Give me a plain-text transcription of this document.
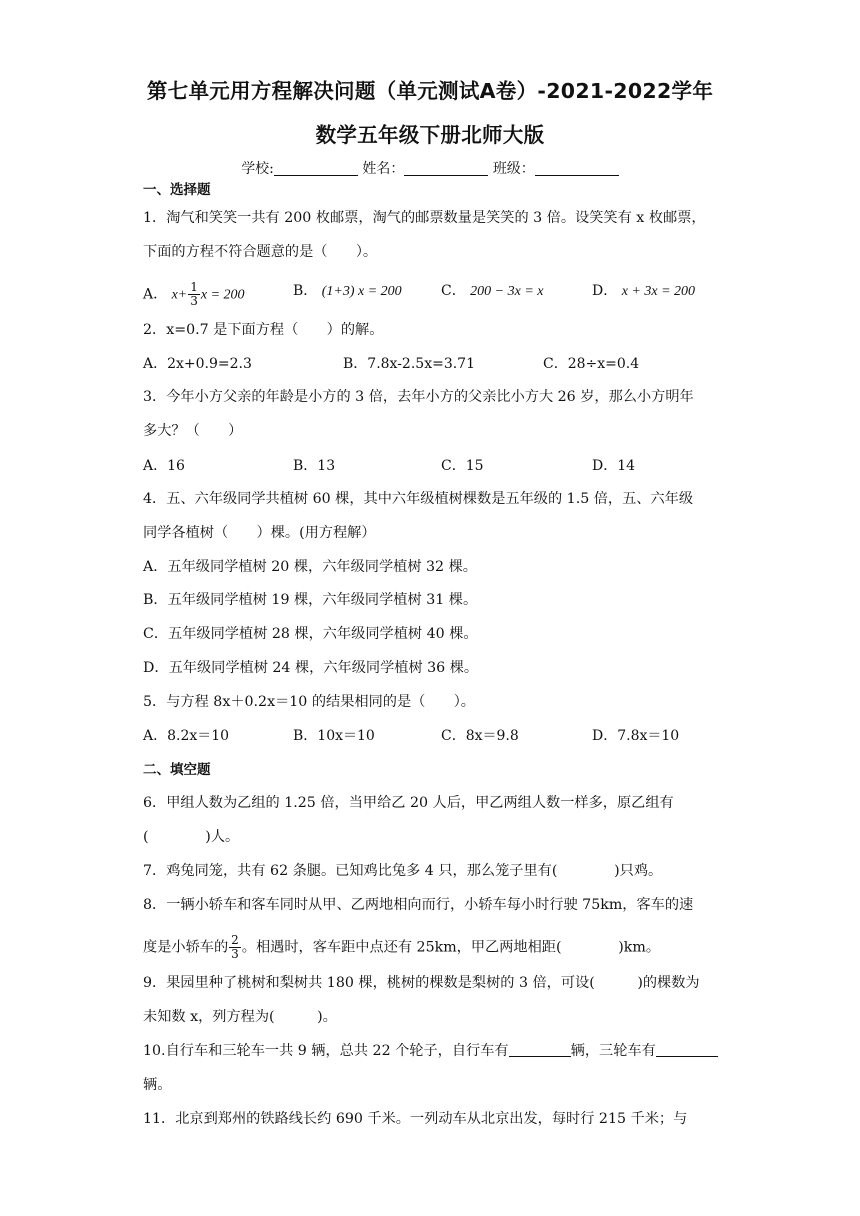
第七单元用方程解决问题（单元测试A卷）-2021-2022学年
数学五年级下册北师大版
学校:	姓名：	班级：
一、选择题
1．淘气和笑笑一共有 200 枚邮票，淘气的邮票数量是笑笑的 3 倍。设笑笑有 x 枚邮票，
下面的方程不符合题意的是（　　）。
A． $x+ \frac{1}{3}$ x = 200	B． (1+3) x = 200	C． 200 − 3x = x	D． x + 3x = 200
2．x=0.7 是下面方程（　　）的解。
A．2x+0.9=2.3	B．7.8x-2.5x=3.71	C．28÷x=0.4
3．今年小方父亲的年龄是小方的 3 倍，去年小方的父亲比小方大 26 岁，那么小方明年
多大？（　　）
A．16	B．13	C．15	D．14
4．五、六年级同学共植树 60 棵，其中六年级植树棵数是五年级的 1.5 倍，五、六年级
同学各植树（　　）棵。(用方程解）
A．五年级同学植树 20 棵，六年级同学植树 32 棵。
B．五年级同学植树 19 棵，六年级同学植树 31 棵。
C．五年级同学植树 28 棵，六年级同学植树 40 棵。
D．五年级同学植树 24 棵，六年级同学植树 36 棵。
5．与方程 8x＋0.2x＝10 的结果相同的是（　　）。
A．8.2x＝10	B．10x＝10	C．8x＝9.8	D．7.8x＝10
二、填空题
6．甲组人数为乙组的 1.25 倍，当甲给乙 20 人后，甲乙两组人数一样多，原乙组有
(　　　　)人。
7．鸡兔同笼，共有 62 条腿。已知鸡比兔多 4 只，那么笼子里有(　　　　)只鸡。
8．一辆小轿车和客车同时从甲、乙两地相向而行，小轿车每小时行驶 75km，客车的速
度是小轿车的 $\frac{2}{3}$ 。相遇时，客车距中点还有 25km，甲乙两地相距(　　　　)km。
9．果园里种了桃树和梨树共 180 棵，桃树的棵数是梨树的 3 倍，可设(　　　)的棵数为
未知数 x，列方程为(　　　)。
10.自行车和三轮车一共 9 辆，总共 22 个轮子，自行车有	辆，三轮车有
辆。
11．北京到郑州的铁路线长约 690 千米。一列动车从北京出发，每时行 215 千米；与
